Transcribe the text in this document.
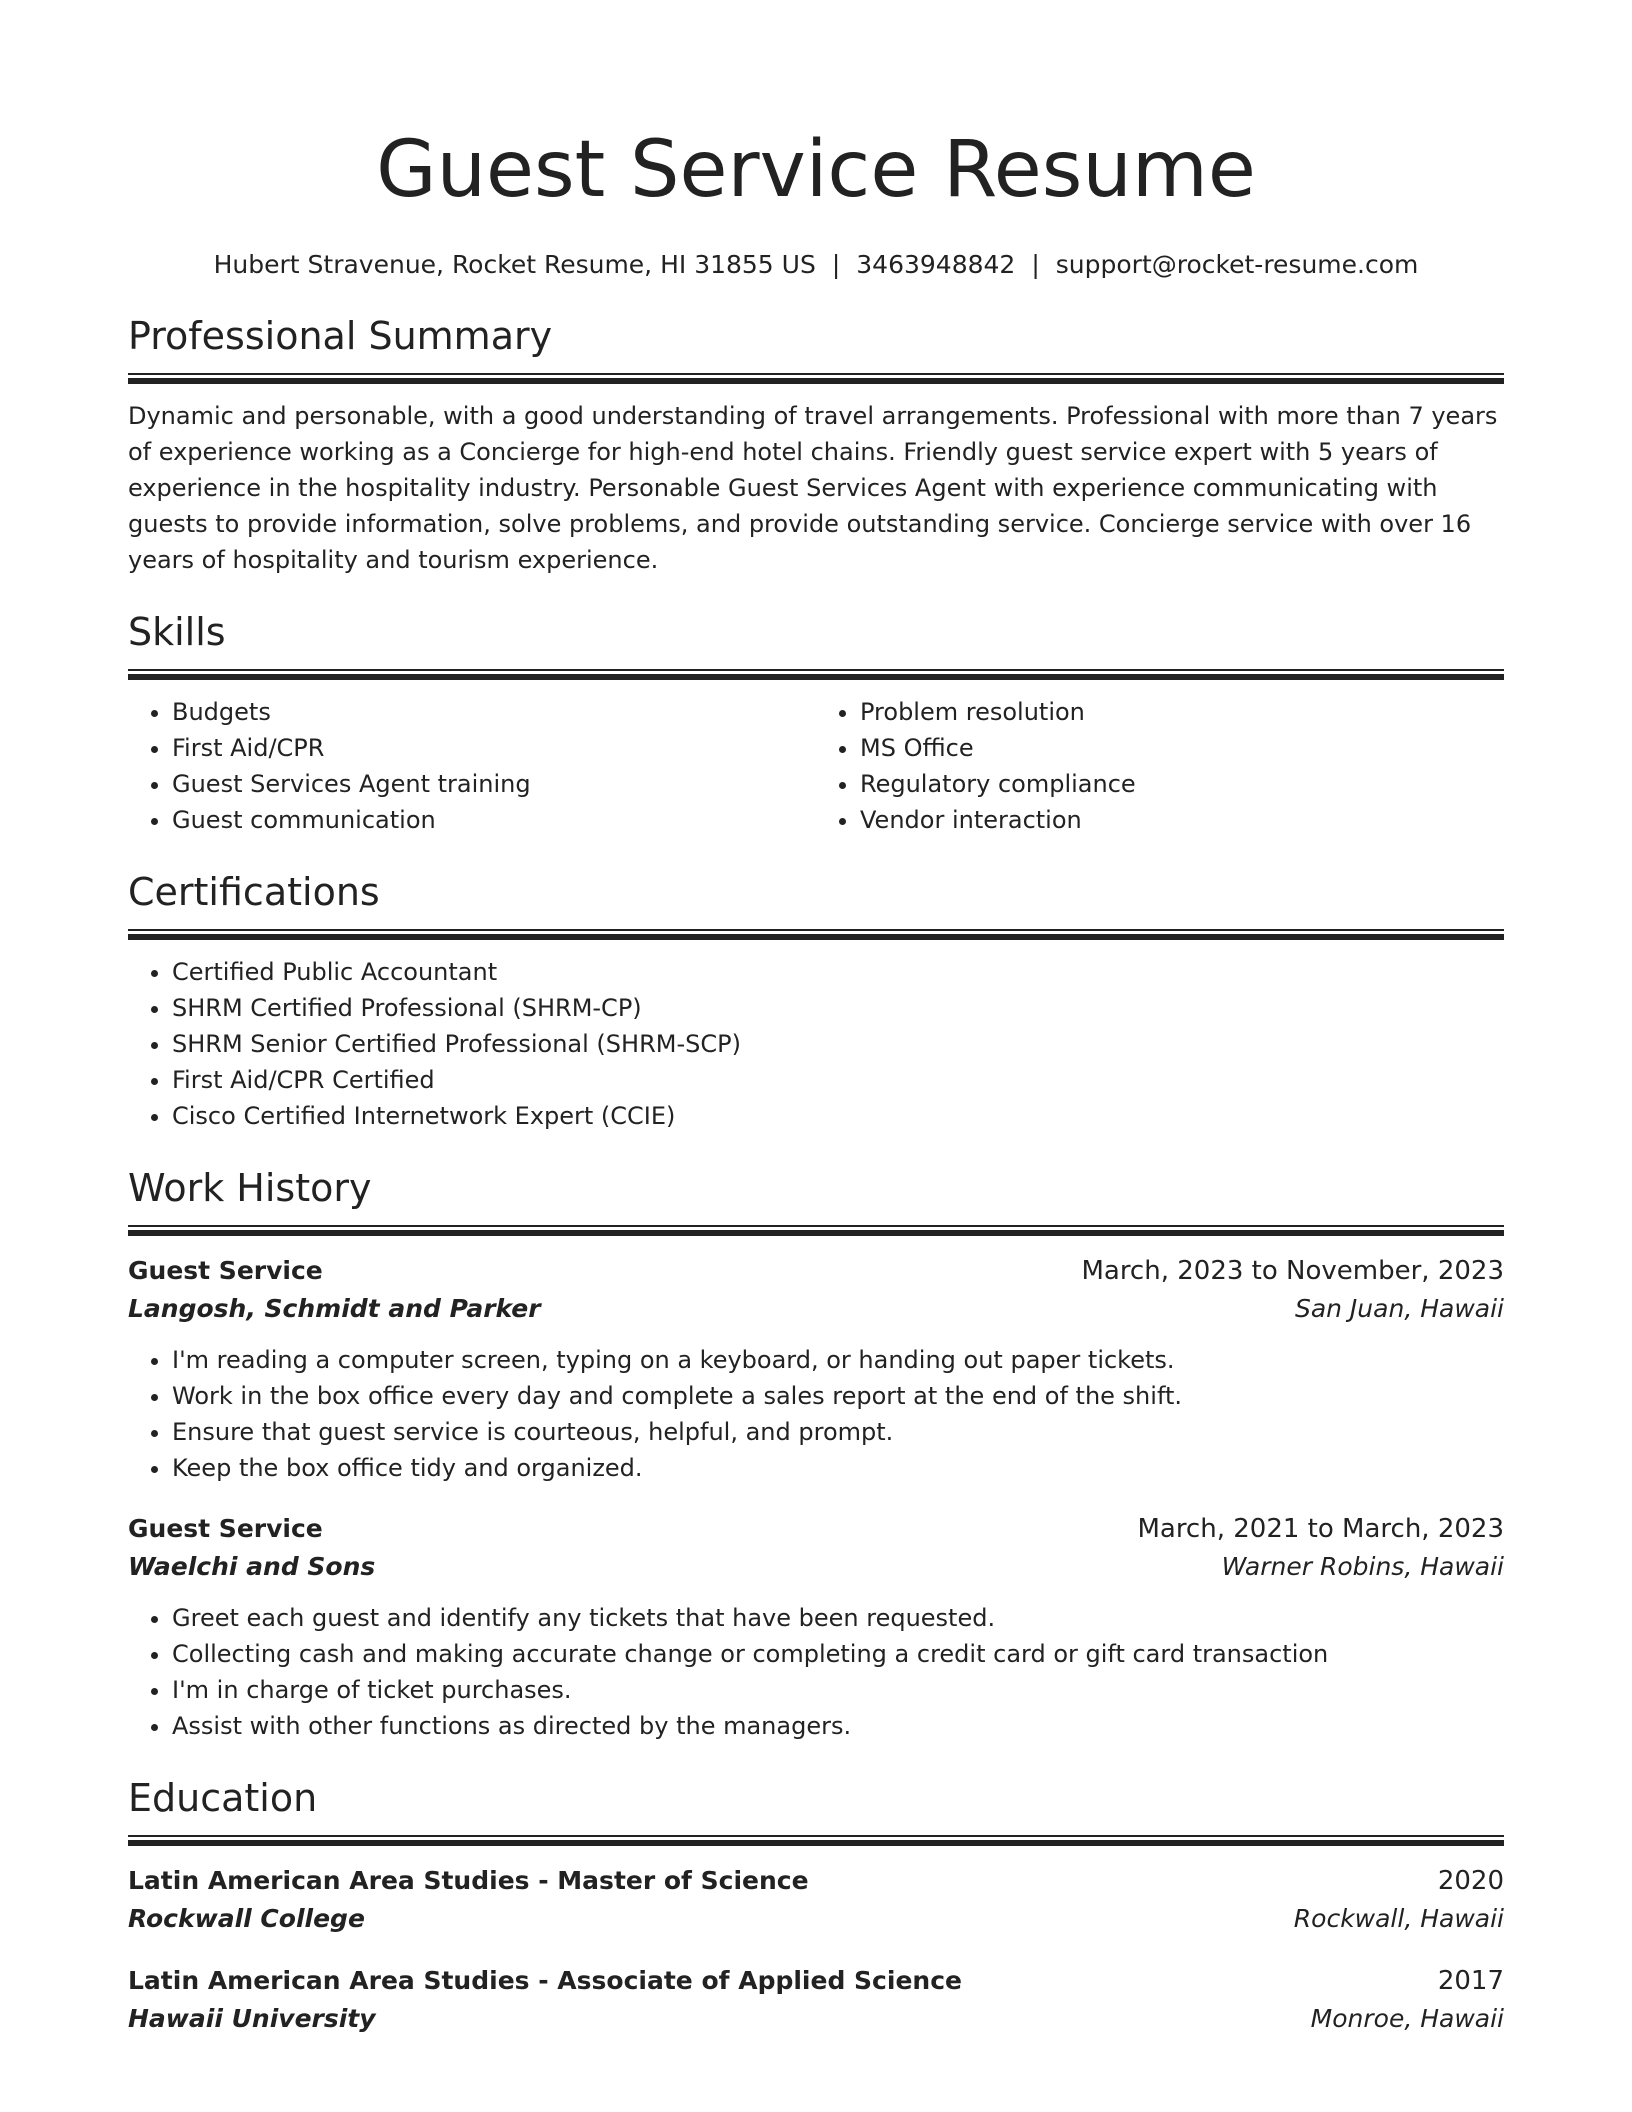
Guest Service Resume
Hubert Stravenue, Rocket Resume, HI 31855 US | 3463948842 | support@rocket-resume.com
Professional Summary
Dynamic and personable, with a good understanding of travel arrangements. Professional with more than 7 years of experience working as a Concierge for high-end hotel chains. Friendly guest service expert with 5 years of experience in the hospitality industry. Personable Guest Services Agent with experience communicating with guests to provide information, solve problems, and provide outstanding service. Concierge service with over 16 years of hospitality and tourism experience.
Skills
• Budgets
• First Aid/CPR
• Guest Services Agent training
• Guest communication
• Problem resolution
• MS Office
• Regulatory compliance
• Vendor interaction
Certifications
• Certified Public Accountant
• SHRM Certified Professional (SHRM-CP)
• SHRM Senior Certified Professional (SHRM-SCP)
• First Aid/CPR Certified
• Cisco Certified Internetwork Expert (CCIE)
Work History
Guest Service	March, 2023 to November, 2023
Langosh, Schmidt and Parker	San Juan, Hawaii
• I'm reading a computer screen, typing on a keyboard, or handing out paper tickets.
• Work in the box office every day and complete a sales report at the end of the shift.
• Ensure that guest service is courteous, helpful, and prompt.
• Keep the box office tidy and organized.
Guest Service	March, 2021 to March, 2023
Waelchi and Sons	Warner Robins, Hawaii
• Greet each guest and identify any tickets that have been requested.
• Collecting cash and making accurate change or completing a credit card or gift card transaction
• I'm in charge of ticket purchases.
• Assist with other functions as directed by the managers.
Education
Latin American Area Studies - Master of Science	2020
Rockwall College	Rockwall, Hawaii
Latin American Area Studies - Associate of Applied Science	2017
Hawaii University	Monroe, Hawaii
